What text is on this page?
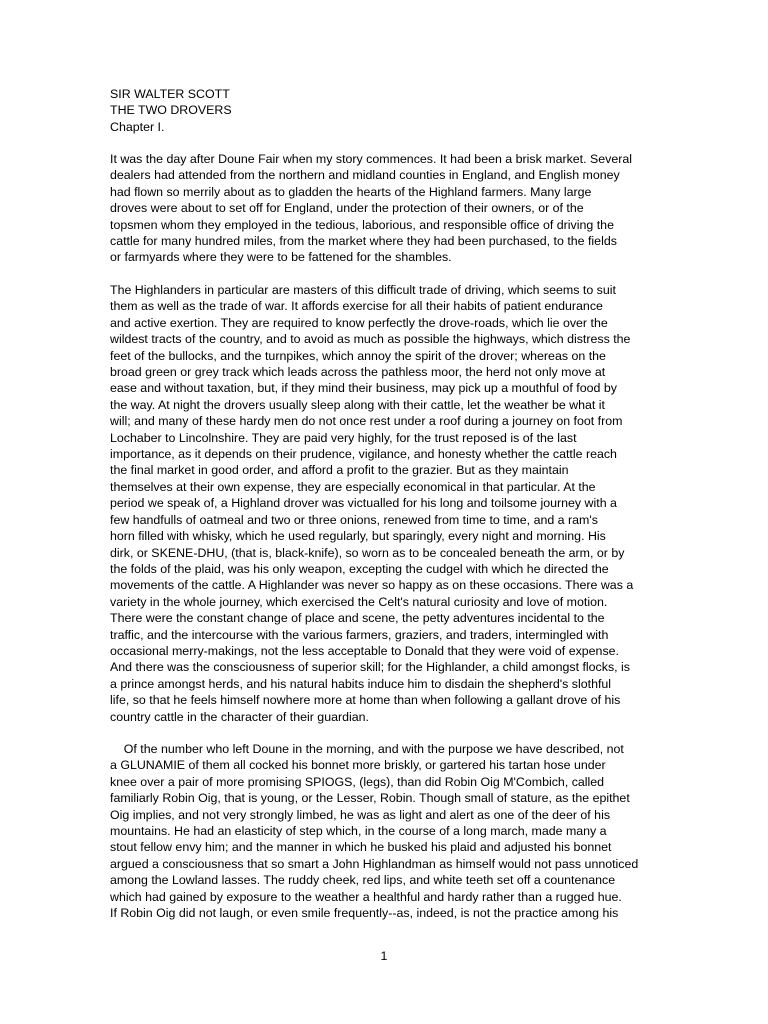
SIR WALTER SCOTT
THE TWO DROVERS
Chapter I.
It was the day after Doune Fair when my story commences. It had been a brisk market. Several
dealers had attended from the northern and midland counties in England, and English money
had flown so merrily about as to gladden the hearts of the Highland farmers. Many large
droves were about to set off for England, under the protection of their owners, or of the
topsmen whom they employed in the tedious, laborious, and responsible office of driving the
cattle for many hundred miles, from the market where they had been purchased, to the fields
or farmyards where they were to be fattened for the shambles.
The Highlanders in particular are masters of this difficult trade of driving, which seems to suit
them as well as the trade of war. It affords exercise for all their habits of patient endurance
and active exertion. They are required to know perfectly the drove-roads, which lie over the
wildest tracts of the country, and to avoid as much as possible the highways, which distress the
feet of the bullocks, and the turnpikes, which annoy the spirit of the drover; whereas on the
broad green or grey track which leads across the pathless moor, the herd not only move at
ease and without taxation, but, if they mind their business, may pick up a mouthful of food by
the way. At night the drovers usually sleep along with their cattle, let the weather be what it
will; and many of these hardy men do not once rest under a roof during a journey on foot from
Lochaber to Lincolnshire. They are paid very highly, for the trust reposed is of the last
importance, as it depends on their prudence, vigilance, and honesty whether the cattle reach
the final market in good order, and afford a profit to the grazier. But as they maintain
themselves at their own expense, they are especially economical in that particular. At the
period we speak of, a Highland drover was victualled for his long and toilsome journey with a
few handfulls of oatmeal and two or three onions, renewed from time to time, and a ram's
horn filled with whisky, which he used regularly, but sparingly, every night and morning. His
dirk, or SKENE-DHU, (that is, black-knife), so worn as to be concealed beneath the arm, or by
the folds of the plaid, was his only weapon, excepting the cudgel with which he directed the
movements of the cattle. A Highlander was never so happy as on these occasions. There was a
variety in the whole journey, which exercised the Celt's natural curiosity and love of motion.
There were the constant change of place and scene, the petty adventures incidental to the
traffic, and the intercourse with the various farmers, graziers, and traders, intermingled with
occasional merry-makings, not the less acceptable to Donald that they were void of expense.
And there was the consciousness of superior skill; for the Highlander, a child amongst flocks, is
a prince amongst herds, and his natural habits induce him to disdain the shepherd's slothful
life, so that he feels himself nowhere more at home than when following a gallant drove of his
country cattle in the character of their guardian.
Of the number who left Doune in the morning, and with the purpose we have described, not
a GLUNAMIE of them all cocked his bonnet more briskly, or gartered his tartan hose under
knee over a pair of more promising SPIOGS, (legs), than did Robin Oig M'Combich, called
familiarly Robin Oig, that is young, or the Lesser, Robin. Though small of stature, as the epithet
Oig implies, and not very strongly limbed, he was as light and alert as one of the deer of his
mountains. He had an elasticity of step which, in the course of a long march, made many a
stout fellow envy him; and the manner in which he busked his plaid and adjusted his bonnet
argued a consciousness that so smart a John Highlandman as himself would not pass unnoticed
among the Lowland lasses. The ruddy cheek, red lips, and white teeth set off a countenance
which had gained by exposure to the weather a healthful and hardy rather than a rugged hue.
If Robin Oig did not laugh, or even smile frequently--as, indeed, is not the practice among his
1
